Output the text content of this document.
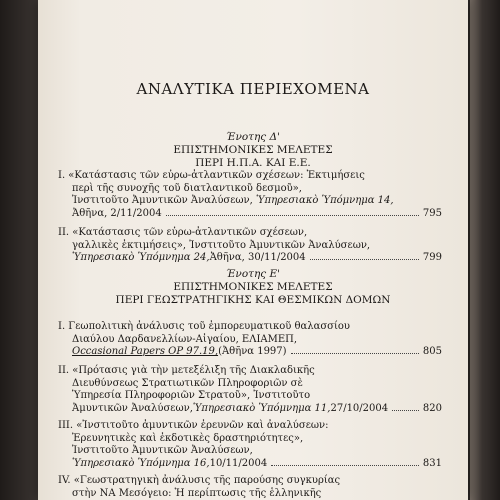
ΑΝΑΛΥΤΙΚΑ ΠΕΡΙΕΧΟΜΕΝΑ
Ένοτης Δ'
ΕΠΙΣΤΗΜΟΝΙΚΕΣ ΜΕΛΕΤΕΣ
ΠΕΡΙ Η.Π.Α. ΚΑΙ Ε.Ε.
I. «Κατάστασις τῶν εὐρω-ἀτλαντικῶν σχέσεων: Ἐκτιμήσεις
περὶ τῆς συνοχῆς τοῦ διατλαντικοῦ δεσμοῦ»,
Ἰνστιτοῦτο Ἀμυντικῶν Ἀναλύσεων, Ὑπηρεσιακὸ Ὑπόμνημα 14,
Ἀθῆνα, 2/11/2004	795
II. «Κατάστασις τῶν εὐρω-ἀτλαντικῶν σχέσεων,
γαλλικὲς ἐκτιμήσεις», Ἰνστιτοῦτο Ἀμυντικῶν Ἀναλύσεων,
Ὑπηρεσιακὸ Ὑπόμνημα 24, Ἀθῆνα, 30/11/2004	799
Ένοτης Ε'
ΕΠΙΣΤΗΜΟΝΙΚΕΣ ΜΕΛΕΤΕΣ
ΠΕΡΙ ΓΕΩΣΤΡΑΤΗΓΙΚΗΣ ΚΑΙ ΘΕΣΜΙΚΩΝ ΔΟΜΩΝ
I. Γεωπολιτικὴ ἀνάλυσις τοῦ ἐμπορευματικοῦ θαλασσίου
Διαύλου Δαρδανελλίων-Αἰγαίου, ΕΛΙΑΜΕΠ,
Occasional Papers OP 97.19, (Ἀθῆνα 1997)	805
II. «Πρότασις γιὰ τὴν μετεξέλιξη τῆς Διακλαδικῆς
Διευθύνσεως Στρατιωτικῶν Πληροφοριῶν σὲ
Ὑπηρεσία Πληροφοριῶν Στρατοῦ», Ἰνστιτοῦτο
Ἀμυντικῶν Ἀναλύσεων, Ὑπηρεσιακὸ Ὑπόμνημα 11, 27/10/2004	820
III. «Ἰνστιτοῦτο ἀμυντικῶν ἐρευνῶν καὶ ἀναλύσεων:
Ἐρευνητικὲς καὶ ἐκδοτικὲς δραστηριότητες»,
Ἰνστιτοῦτο Ἀμυντικῶν Ἀναλύσεων,
Ὑπηρεσιακὸ Ὑπόμνημα 16, 10/11/2004	831
IV. «Γεωστρατηγικὴ ἀνάλυσις τῆς παρούσης συγκυρίας
στὴν ΝΑ Μεσόγειο: Ἡ περίπτωσις τῆς ἑλληνικῆς
